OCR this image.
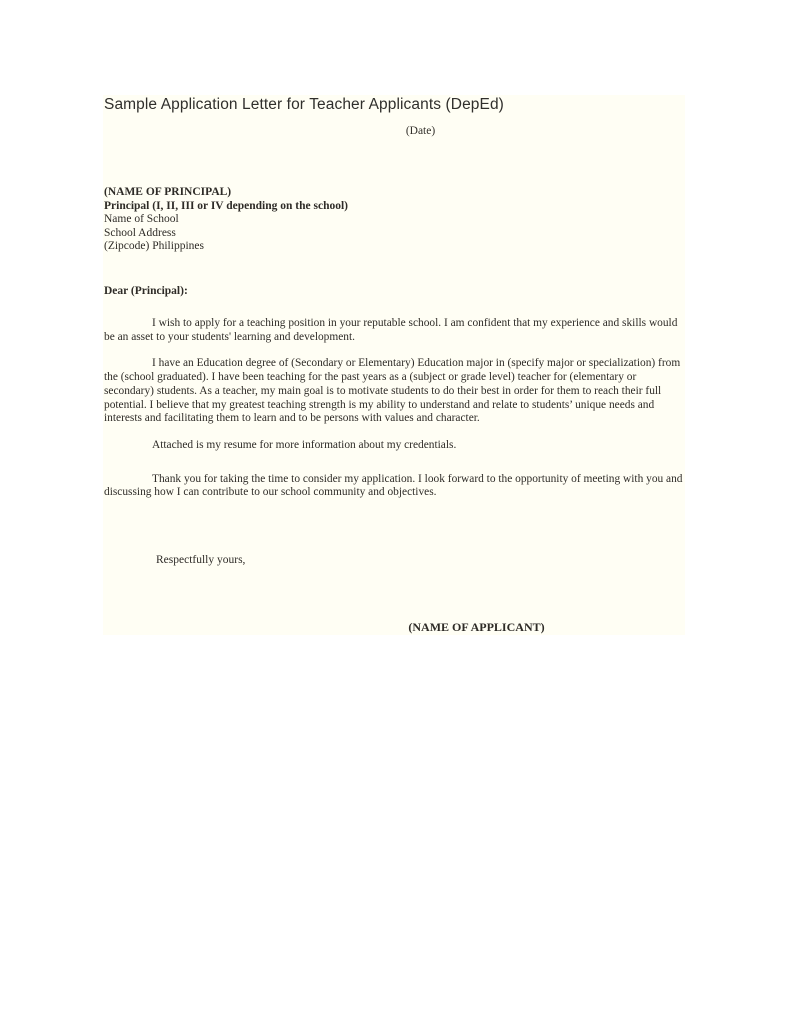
Sample Application Letter for Teacher Applicants (DepEd)
(Date)
(NAME OF PRINCIPAL)
Principal (I, II, III or IV depending on the school)
Name of School
School Address
(Zipcode) Philippines
Dear (Principal):

I wish to apply for a teaching position in your reputable school. I am confident that my experience and skills would be an asset to your students' learning and development.

I have an Education degree of (Secondary or Elementary) Education major in (specify major or specialization) from the (school graduated). I have been teaching for the past years as a (subject or grade level) teacher for (elementary or secondary) students. As a teacher, my main goal is to motivate students to do their best in order for them to reach their full potential. I believe that my greatest teaching strength is my ability to understand and relate to students’ unique needs and interests and facilitating them to learn and to be persons with values and character.

Attached is my resume for more information about my credentials.

Thank you for taking the time to consider my application. I look forward to the opportunity of meeting with you and discussing how I can contribute to our school community and objectives.

Respectfully yours,
(NAME OF APPLICANT)
